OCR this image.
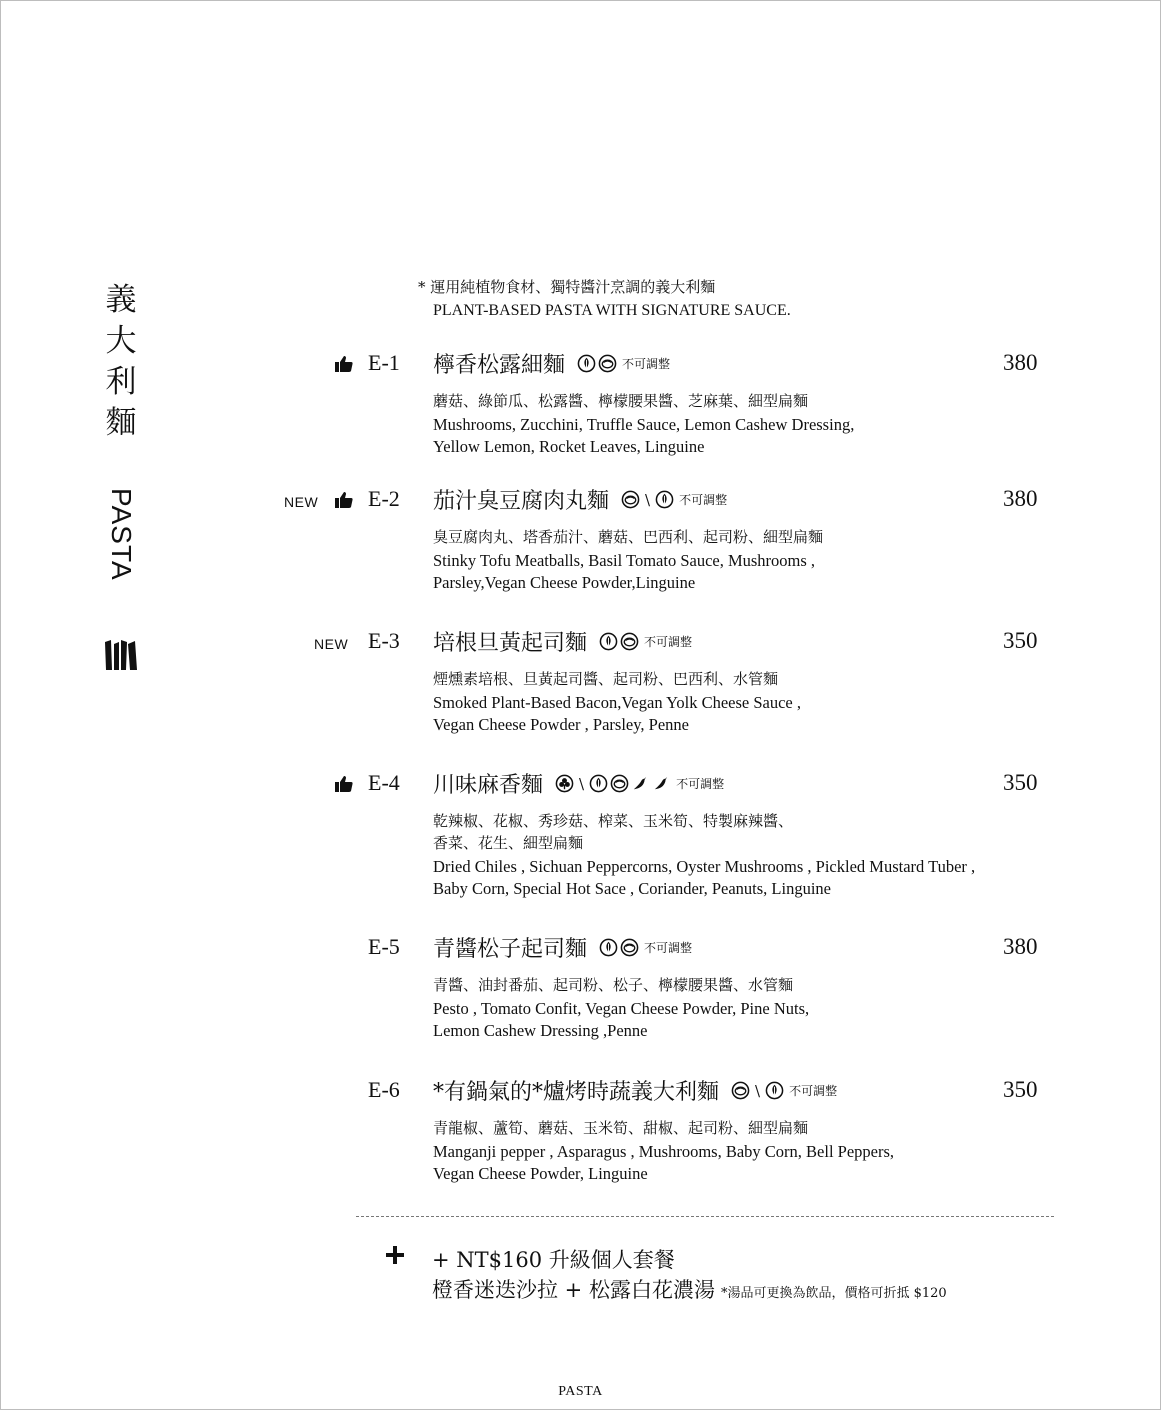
義
大
利
麵
PASTA
* 運用純植物食材、獨特醬汁烹調的義大利麵
PLANT-BASED PASTA WITH SIGNATURE SAUCE.
E-1 檸香松露細麵	不可調整	380
蘑菇、綠節瓜、松露醬、檸檬腰果醬、芝麻葉、細型扁麵
Mushrooms, Zucchini, Truffle Sauce, Lemon Cashew Dressing,
Yellow Lemon, Rocket Leaves, Linguine
NEW E-2 茄汁臭豆腐肉丸麵 \ 不可調整	380
臭豆腐肉丸、塔香茄汁、蘑菇、巴西利、起司粉、細型扁麵
Stinky Tofu Meatballs, Basil Tomato Sauce, Mushrooms ,
Parsley,Vegan Cheese Powder,Linguine
NEW E-3 培根旦黃起司麵	不可調整	350
煙燻素培根、旦黃起司醬、起司粉、巴西利、水管麵
Smoked Plant-Based Bacon,Vegan Yolk Cheese Sauce ,
Vegan Cheese Powder , Parsley, Penne
E-4 川味麻香麵 \	不可調整	350
乾辣椒、花椒、秀珍菇、榨菜、玉米筍、特製麻辣醬、
香菜、花生、細型扁麵
Dried Chiles , Sichuan Peppercorns, Oyster Mushrooms , Pickled Mustard Tuber ,
Baby Corn, Special Hot Sace , Coriander, Peanuts, Linguine
E-5 青醬松子起司麵	不可調整	380
青醬、油封番茄、起司粉、松子、檸檬腰果醬、水管麵
Pesto , Tomato Confit, Vegan Cheese Powder, Pine Nuts,
Lemon Cashew Dressing ,Penne
E-6 *有鍋氣的*爐烤時蔬義大利麵 \ 不可調整	350
青龍椒、蘆筍、蘑菇、玉米筍、甜椒、起司粉、細型扁麵
Manganji pepper , Asparagus , Mushrooms, Baby Corn, Bell Peppers,
Vegan Cheese Powder, Linguine
+ NT$160 升級個人套餐
橙香迷迭沙拉 + 松露白花濃湯 *湯品可更換為飲品，價格可折抵 $120
PASTA
